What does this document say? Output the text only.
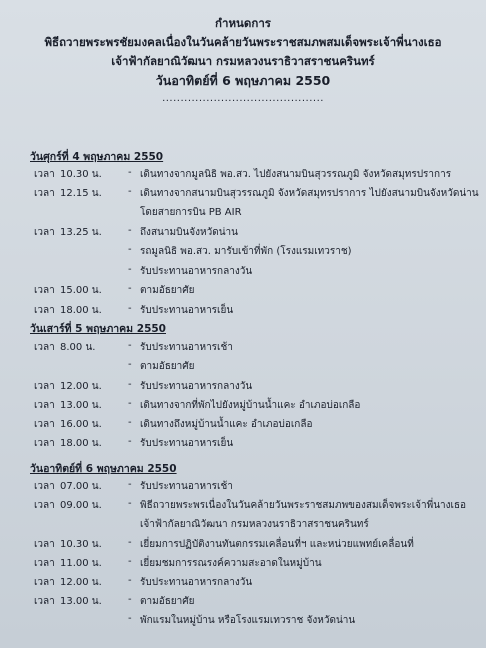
กำหนดการ
พิธีถวายพระพรชัยมงคลเนื่องในวันคล้ายวันพระราชสมภพสมเด็จพระเจ้าพี่นางเธอ
เจ้าฟ้ากัลยาณิวัฒนา กรมหลวงนราธิวาสราชนครินทร์
วันอาทิตย์ที่ 6 พฤษภาคม 2550
............................................
วันศุกร์ที่ 4 พฤษภาคม 2550
เวลา 10.30 น.	- เดินทางจากมูลนิธิ พอ.สว. ไปยังสนามบินสุวรรณภูมิ จังหวัดสมุทรปราการ
เวลา 12.15 น.	- เดินทางจากสนามบินสุวรรณภูมิ จังหวัดสมุทรปราการ ไปยังสนามบินจังหวัดน่าน
โดยสายการบิน PB AIR
เวลา 13.25 น.	- ถึงสนามบินจังหวัดน่าน
- รถมูลนิธิ พอ.สว. มารับเข้าที่พัก (โรงแรมเทวราช)
- รับประทานอาหารกลางวัน
เวลา 15.00 น.	- ตามอัธยาศัย
เวลา 18.00 น.	- รับประทานอาหารเย็น
วันเสาร์ที่ 5 พฤษภาคม 2550
เวลา 8.00 น.	- รับประทานอาหารเช้า
- ตามอัธยาศัย
เวลา 12.00 น.	- รับประทานอาหารกลางวัน
เวลา 13.00 น.	- เดินทางจากที่พักไปยังหมู่บ้านน้ำแคะ อำเภอบ่อเกลือ
เวลา 16.00 น.	- เดินทางถึงหมู่บ้านน้ำแคะ อำเภอบ่อเกลือ
เวลา 18.00 น.	- รับประทานอาหารเย็น
วันอาทิตย์ที่ 6 พฤษภาคม 2550
เวลา 07.00 น.	- รับประทานอาหารเช้า
เวลา 09.00 น.	- พิธีถวายพระพรเนื่องในวันคล้ายวันพระราชสมภพของสมเด็จพระเจ้าพี่นางเธอ
เจ้าฟ้ากัลยาณิวัฒนา กรมหลวงนราธิวาสราชนครินทร์
เวลา 10.30 น.	- เยี่ยมการปฏิบัติงานทันตกรรมเคลื่อนที่ฯ และหน่วยแพทย์เคลื่อนที่
เวลา 11.00 น.	- เยี่ยมชมการรณรงค์ความสะอาดในหมู่บ้าน
เวลา 12.00 น.	- รับประทานอาหารกลางวัน
เวลา 13.00 น.	- ตามอัธยาศัย
- พักแรมในหมู่บ้าน หรือโรงแรมเทวราช จังหวัดน่าน
